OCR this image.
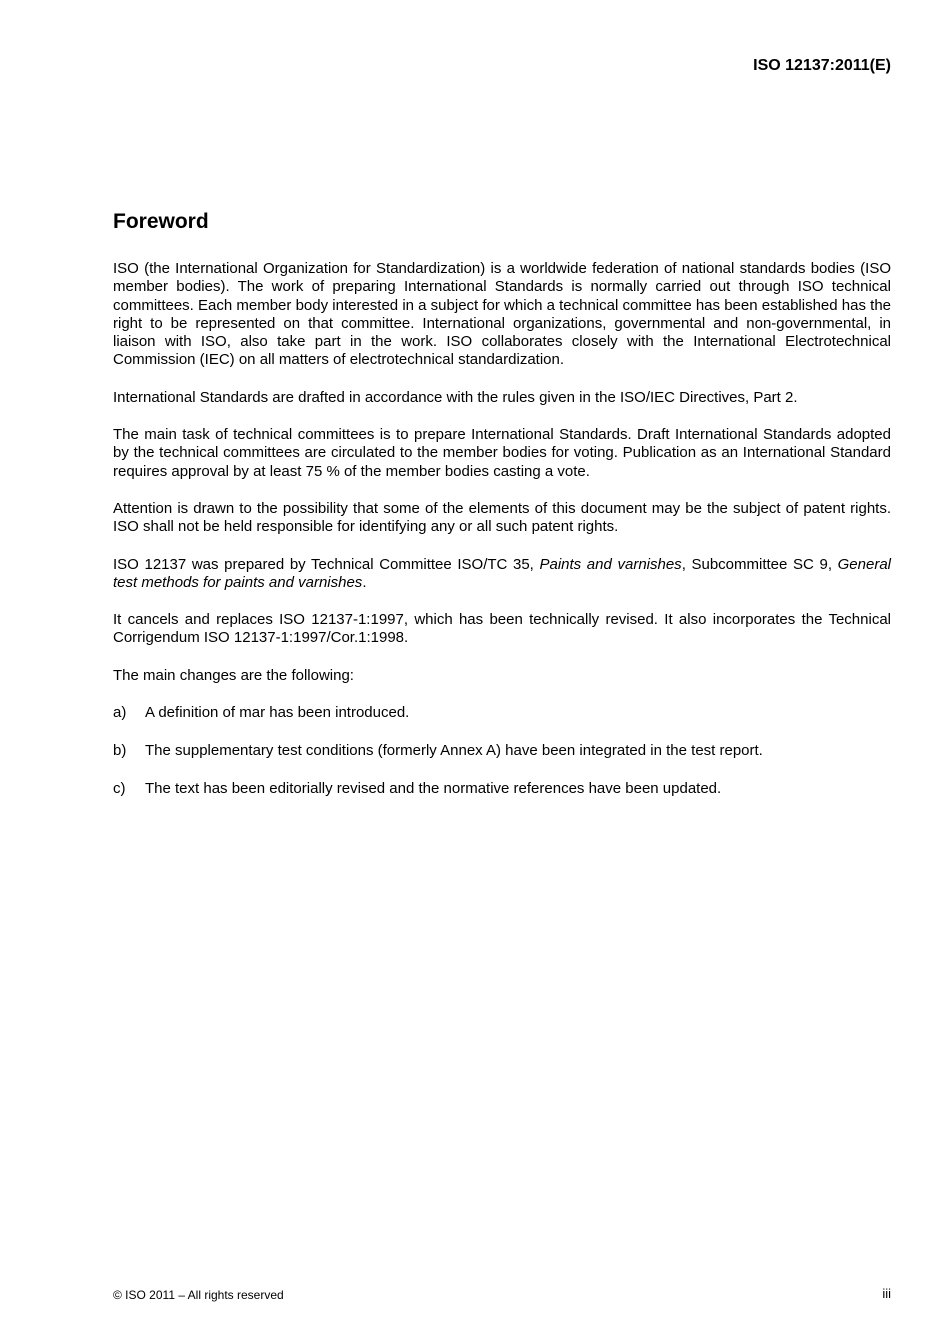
ISO 12137:2011(E)
Foreword

ISO (the International Organization for Standardization) is a worldwide federation of national standards bodies (ISO member bodies). The work of preparing International Standards is normally carried out through ISO technical committees. Each member body interested in a subject for which a technical committee has been established has the right to be represented on that committee. International organizations, governmental and non-governmental, in liaison with ISO, also take part in the work. ISO collaborates closely with the International Electrotechnical Commission (IEC) on all matters of electrotechnical standardization.

International Standards are drafted in accordance with the rules given in the ISO/IEC Directives, Part 2.

The main task of technical committees is to prepare International Standards. Draft International Standards adopted by the technical committees are circulated to the member bodies for voting. Publication as an International Standard requires approval by at least 75 % of the member bodies casting a vote.

Attention is drawn to the possibility that some of the elements of this document may be the subject of patent rights. ISO shall not be held responsible for identifying any or all such patent rights.

ISO 12137 was prepared by Technical Committee ISO/TC 35, Paints and varnishes, Subcommittee SC 9, General test methods for paints and varnishes.

It cancels and replaces ISO 12137-1:1997, which has been technically revised. It also incorporates the Technical Corrigendum ISO 12137-1:1997/Cor.1:1998.

The main changes are the following:

a)	A definition of mar has been introduced.
b)	The supplementary test conditions (formerly Annex A) have been integrated in the test report.
c)	The text has been editorially revised and the normative references have been updated.
© ISO 2011 – All rights reserved	iii
